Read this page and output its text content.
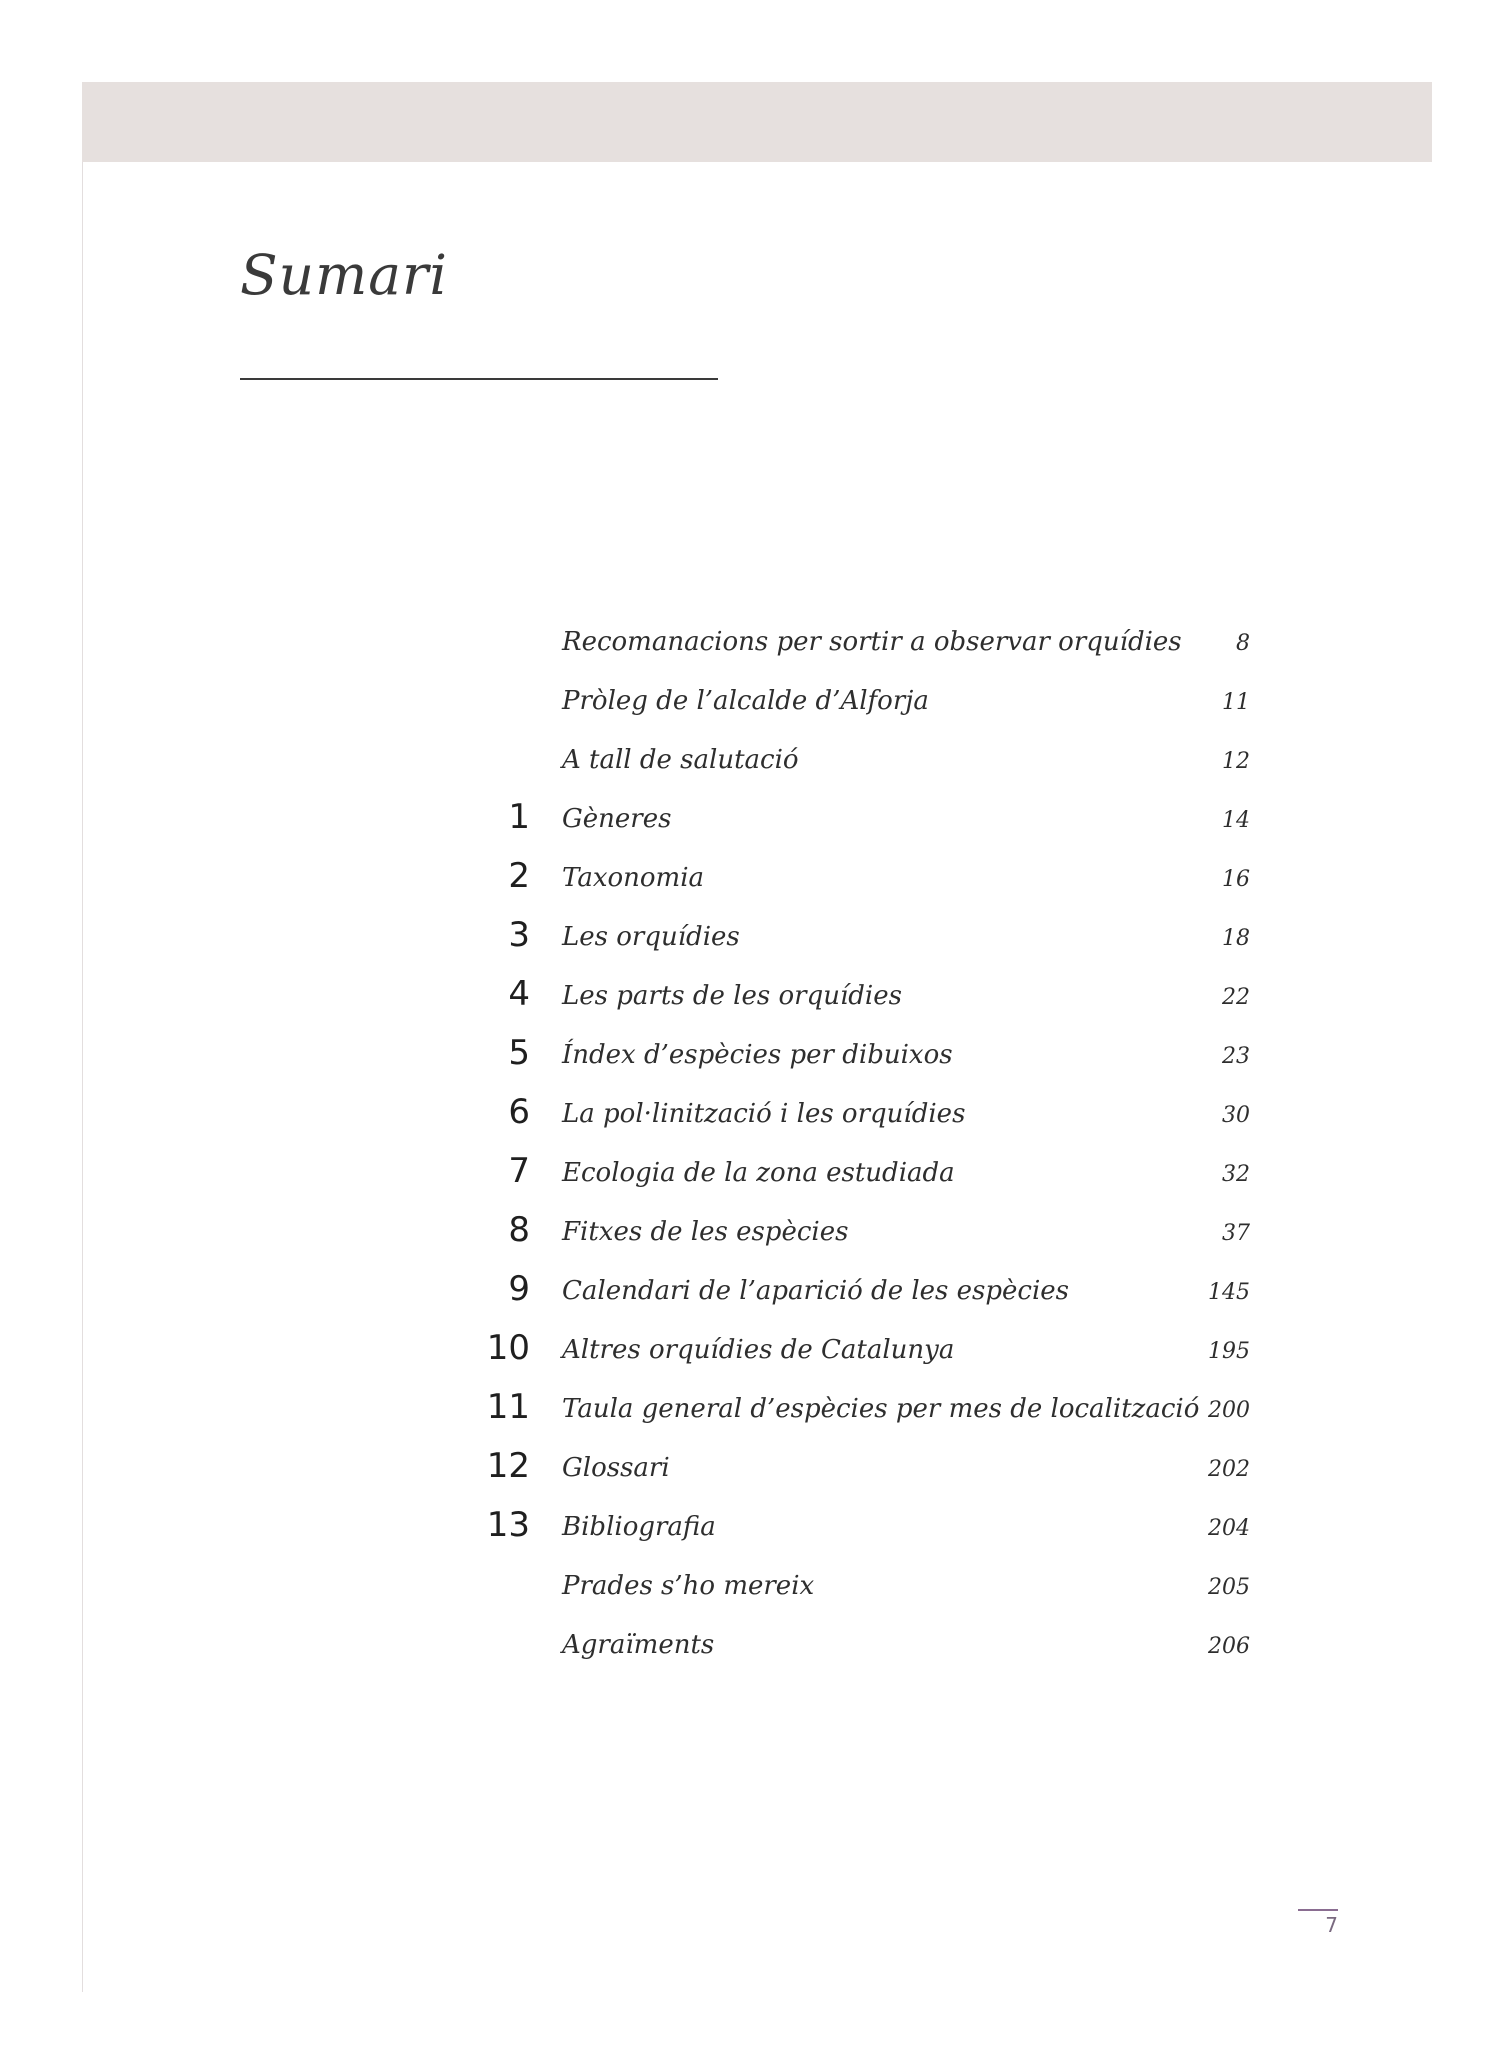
Sumari
Recomanacions per sortir a observar orquídies 8
Pròleg de l’alcalde d’Alforja	11
A tall de salutació	12
1 Gèneres	14
2 Taxonomia	16
3 Les orquídies	18
4 Les parts de les orquídies	22
5 Índex d’espècies per dibuixos	23
6 La pol·linització i les orquídies	30
7 Ecologia de la zona estudiada	32
8 Fitxes de les espècies	37
9 Calendari de l’aparició de les espècies	145
10 Altres orquídies de Catalunya	195
11 Taula general d’espècies per mes de localització 200
12 Glossari	202
13 Bibliografia	204
Prades s’ho mereix	205
Agraïments	206
7
